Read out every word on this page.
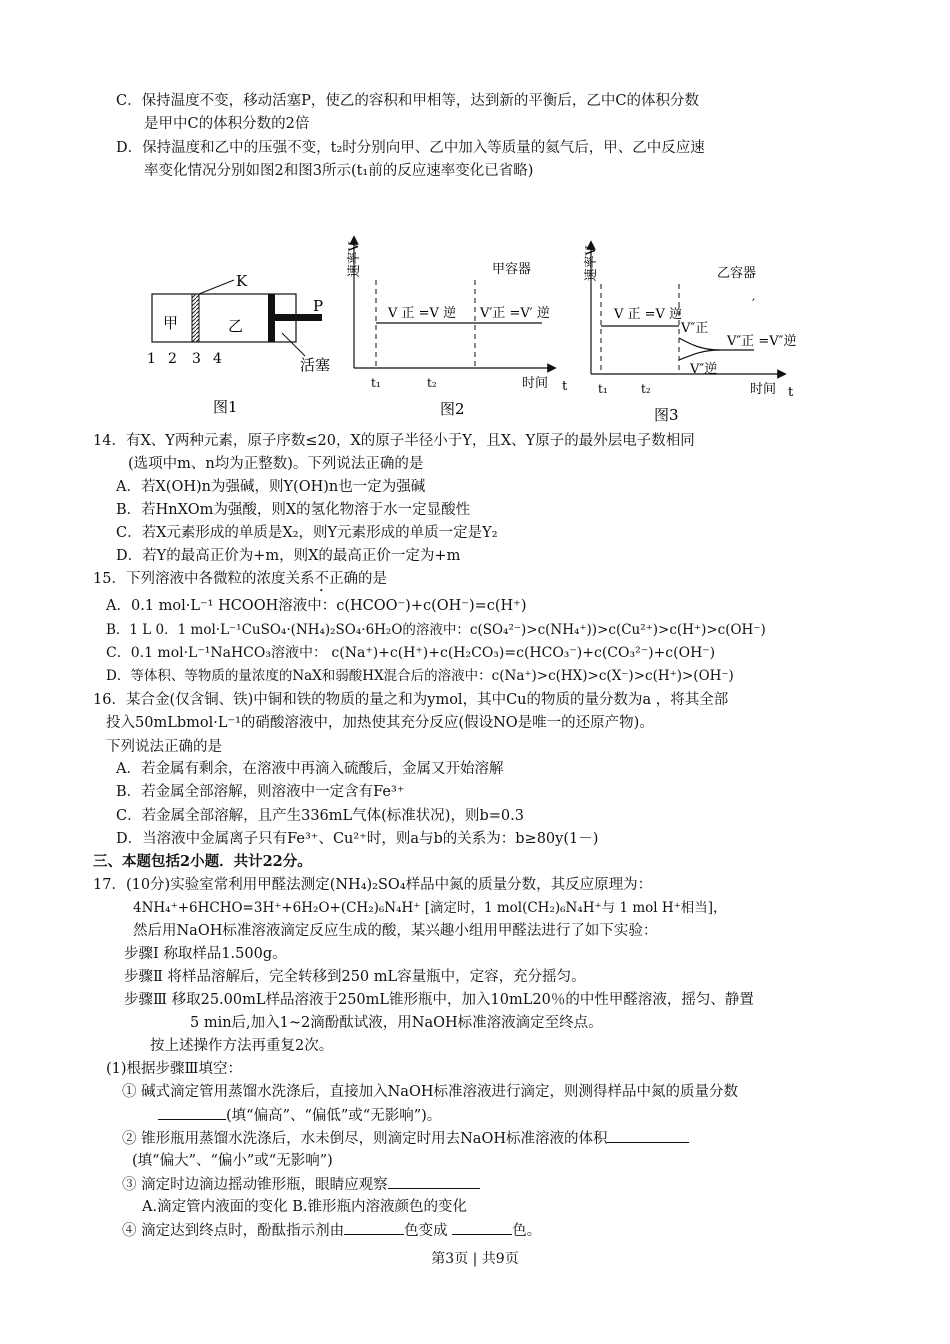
C．保持温度不变，移动活塞P，使乙的容积和甲相等，达到新的平衡后，乙中C的体积分数
是甲中C的体积分数的2倍
D．保持温度和乙中的压强不变，t₂时分别向甲、乙中加入等质量的氦气后，甲、乙中反应速
率变化情况分别如图2和图3所示(t₁前的反应速率变化已省略)
甲	乙
K
P
活塞
1 2 3 4
图1
速率V	甲容器
V 正 =V 逆 V′正 =V′ 逆
t₁	t₂	时间 t
图2
速率V	乙容器
′
V 正 =V 逆
V″正
V″逆
V″正 =V″逆
t₁	t₂	时间 t
图3
14．有X、Y两种元素，原子序数≤20，X的原子半径小于Y，且X、Y原子的最外层电子数相同
(选项中m、n均为正整数)。下列说法正确的是
A．若X(OH)n为强碱，则Y(OH)n也一定为强碱
B．若HnXOm为强酸，则X的氢化物溶于水一定显酸性
C．若X元素形成的单质是X₂，则Y元素形成的单质一定是Y₂
D．若Y的最高正价为+m，则X的最高正价一定为+m
15．下列溶液中各微粒的浓度关系不正确的是
A．0.1 mol·L⁻¹ HCOOH溶液中：c(HCOO⁻)+c(OH⁻)=c(H⁺)
B．1 L 0．1 mol·L⁻¹CuSO₄·(NH₄)₂SO₄·6H₂O的溶液中：c(SO₄²⁻)>c(NH₄⁺))>c(Cu²⁺)>c(H⁺)>c(OH⁻)
C．0.1 mol·L⁻¹NaHCO₃溶液中： c(Na⁺)+c(H⁺)+c(H₂CO₃)=c(HCO₃⁻)+c(CO₃²⁻)+c(OH⁻)
D．等体积、等物质的量浓度的NaX和弱酸HX混合后的溶液中：c(Na⁺)>c(HX)>c(X⁻)>c(H⁺)>(OH⁻)
16．某合金(仅含铜、铁)中铜和铁的物质的量之和为ymol，其中Cu的物质的量分数为a ，将其全部
投入50mLbmol·L⁻¹的硝酸溶液中，加热使其充分反应(假设NO是唯一的还原产物)。
下列说法正确的是
A．若金属有剩余，在溶液中再滴入硫酸后，金属又开始溶解
B．若金属全部溶解，则溶液中一定含有Fe³⁺
C．若金属全部溶解，且产生336mL气体(标准状况)，则b=0.3
D．当溶液中金属离子只有Fe³⁺、Cu²⁺时，则a与b的关系为：b≥80y(1－)
三、本题包括2小题．共计22分。
17．(10分)实验室常利用甲醛法测定(NH₄)₂SO₄样品中氮的质量分数，其反应原理为：
4NH₄⁺+6HCHO=3H⁺+6H₂O+(CH₂)₆N₄H⁺ [滴定时，1 mol(CH₂)₆N₄H⁺与 1 mol H⁺相当]，
然后用NaOH标准溶液滴定反应生成的酸，某兴趣小组用甲醛法进行了如下实验：
步骤Ⅰ 称取样品1.500g。
步骤Ⅱ 将样品溶解后，完全转移到250 mL容量瓶中，定容，充分摇匀。
步骤Ⅲ 移取25.00mL样品溶液于250mL锥形瓶中，加入10mL20％的中性甲醛溶液，摇匀、静置
5 min后,加入1~2滴酚酞试液，用NaOH标准溶液滴定至终点。
按上述操作方法再重复2次。
(1)根据步骤Ⅲ填空：
① 碱式滴定管用蒸馏水洗涤后，直接加入NaOH标准溶液进行滴定，则测得样品中氮的质量分数
(填“偏高”、“偏低”或“无影响”)。
② 锥形瓶用蒸馏水洗涤后，水未倒尽，则滴定时用去NaOH标准溶液的体积
(填“偏大”、“偏小”或“无影响”)
③ 滴定时边滴边摇动锥形瓶，眼睛应观察
A.滴定管内液面的变化 B.锥形瓶内溶液颜色的变化
④ 滴定达到终点时，酚酞指示剂由	色变成	色。
第3页 | 共9页
